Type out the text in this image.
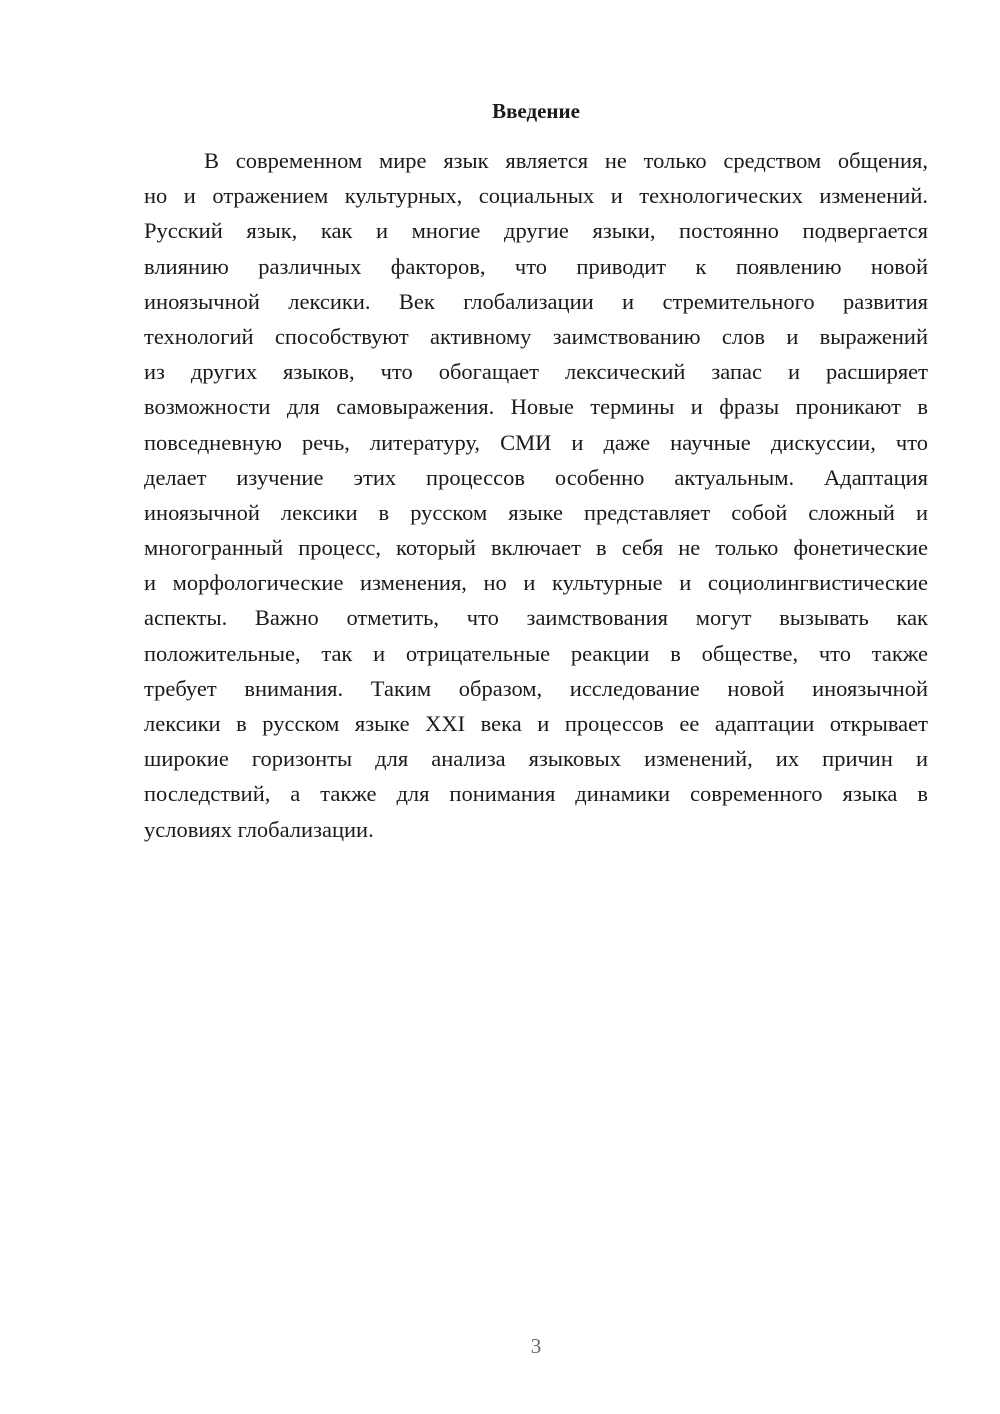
Введение
В современном мире язык является не только средством общения,
но и отражением культурных, социальных и технологических изменений.
Русский язык, как и многие другие языки, постоянно подвергается
влиянию различных факторов, что приводит к появлению новой
иноязычной лексики. Век глобализации и стремительного развития
технологий способствуют активному заимствованию слов и выражений
из других языков, что обогащает лексический запас и расширяет
возможности для самовыражения. Новые термины и фразы проникают в
повседневную речь, литературу, СМИ и даже научные дискуссии, что
делает изучение этих процессов особенно актуальным. Адаптация
иноязычной лексики в русском языке представляет собой сложный и
многогранный процесс, который включает в себя не только фонетические
и морфологические изменения, но и культурные и социолингвистические
аспекты. Важно отметить, что заимствования могут вызывать как
положительные, так и отрицательные реакции в обществе, что также
требует внимания. Таким образом, исследование новой иноязычной
лексики в русском языке XXI века и процессов ее адаптации открывает
широкие горизонты для анализа языковых изменений, их причин и
последствий, а также для понимания динамики современного языка в
условиях глобализации.

3
